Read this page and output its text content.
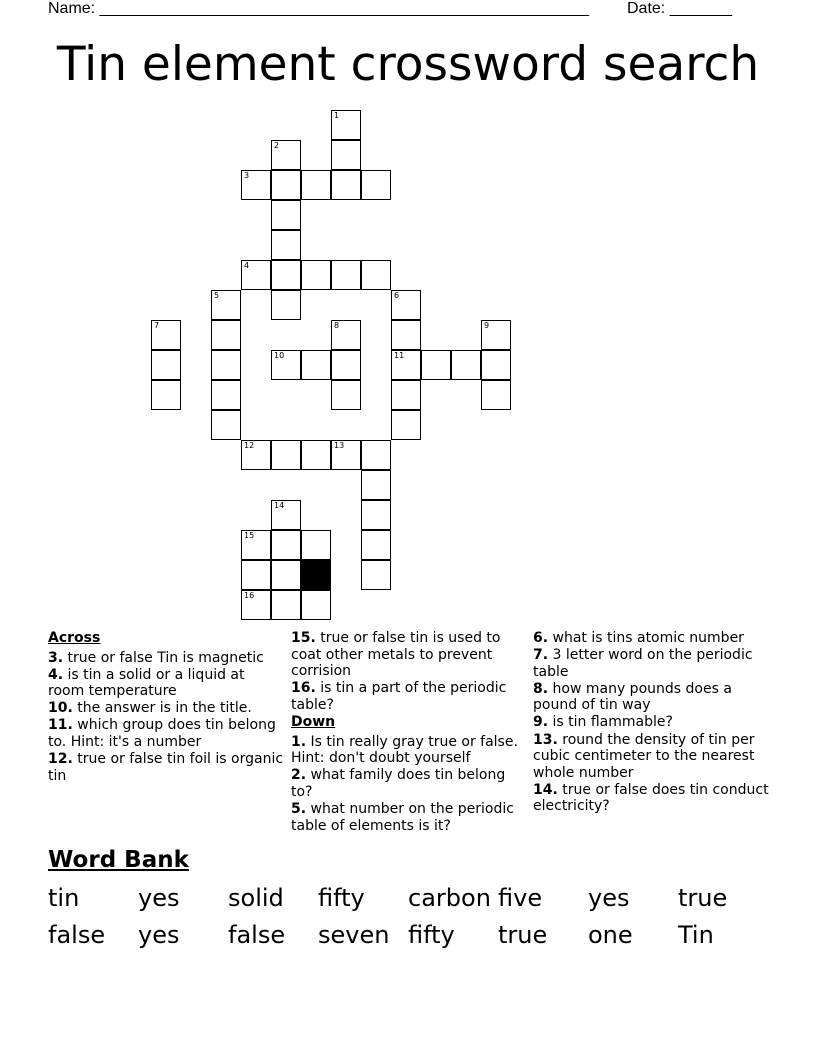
Name: _______________________________________________________ Date: _______
Tin element crossword search
1
2
3
4
5	6
7	8	9
10	11
12	13
14
15
16
Across
3. true or false Tin is magnetic
4. is tin a solid or a liquid at room temperature
10. the answer is in the title.
11. which group does tin belong to. Hint: it's a number
12. true or false tin foil is organic tin
15. true or false tin is used to coat other metals to prevent corrision
16. is tin a part of the periodic table?
Down
1. Is tin really gray true or false. Hint: don't doubt yourself
2. what family does tin belong to?
5. what number on the periodic table of elements is it?
6. what is tins atomic number
7. 3 letter word on the periodic table
8. how many pounds does a pound of tin way
9. is tin flammable?
13. round the density of tin per cubic centimeter to the nearest whole number
14. true or false does tin conduct electricity?
Word Bank
tin yes solid fifty carbon five yes true
false yes false seven fifty true one Tin
